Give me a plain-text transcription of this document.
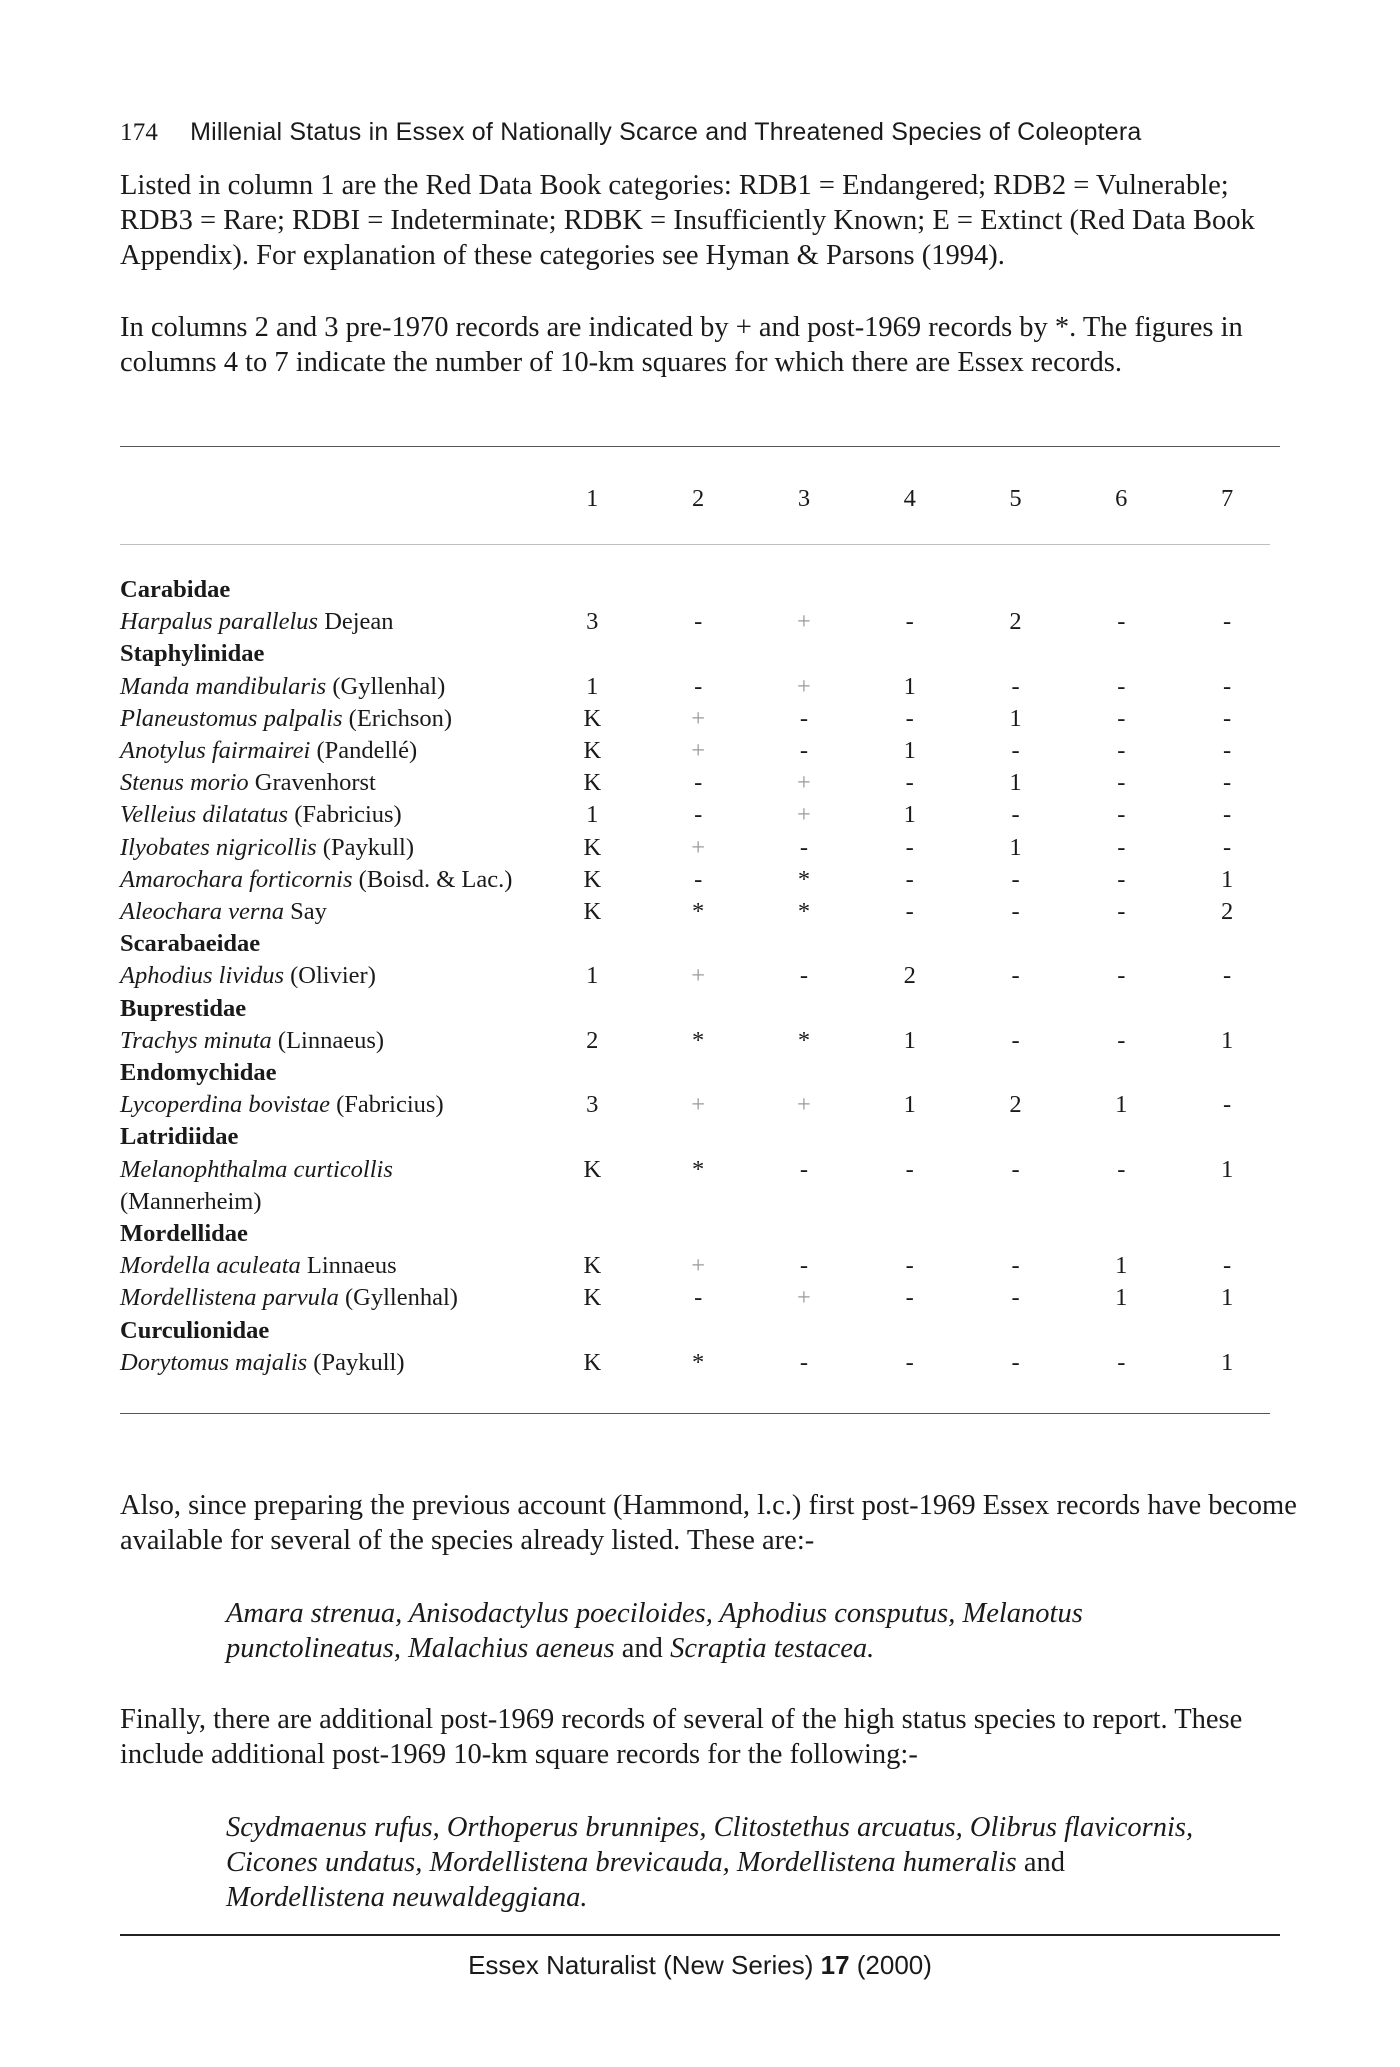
174 Millenial Status in Essex of Nationally Scarce and Threatened Species of Coleoptera
Listed in column 1 are the Red Data Book categories: RDB1 = Endangered; RDB2 = Vulnerable; RDB3 = Rare; RDBI = Indeterminate; RDBK = Insufficiently Known; E = Extinct (Red Data Book Appendix). For explanation of these categories see Hyman & Parsons (1994).
In columns 2 and 3 pre-1970 records are indicated by + and post-1969 records by *. The figures in columns 4 to 7 indicate the number of 10-km squares for which there are Essex records.
	1	2	3	4	5	6	7

Carabidae							
Harpalus parallelus Dejean	3	-	+	-	2	-	-
Staphylinidae							
Manda mandibularis (Gyllenhal)	1	-	+	1	-	-	-
Planeustomus palpalis (Erichson)	K	+	-	-	1	-	-
Anotylus fairmairei (Pandellé)	K	+	-	1	-	-	-
Stenus morio Gravenhorst	K	-	+	-	1	-	-
Velleius dilatatus (Fabricius)	1	-	+	1	-	-	-
Ilyobates nigricollis (Paykull)	K	+	-	-	1	-	-
Amarochara forticornis (Boisd. & Lac.)	K	-	*	-	-	-	1
Aleochara verna Say	K	*	*	-	-	-	2
Scarabaeidae							
Aphodius lividus (Olivier)	1	+	-	2	-	-	-
Buprestidae							
Trachys minuta (Linnaeus)	2	*	*	1	-	-	1
Endomychidae							
Lycoperdina bovistae (Fabricius)	3	+	+	1	2	1	-
Latridiidae							
Melanophthalma curticollis	K	*	-	-	-	-	1
(Mannerheim)							
Mordellidae							
Mordella aculeata Linnaeus	K	+	-	-	-	1	-
Mordellistena parvula (Gyllenhal)	K	-	+	-	-	1	1
Curculionidae							
Dorytomus majalis (Paykull)	K	*	-	-	-	-	1
Also, since preparing the previous account (Hammond, l.c.) first post-1969 Essex records have become available for several of the species already listed. These are:-
Amara strenua, Anisodactylus poeciloides, Aphodius consputus, Melanotus punctolineatus, Malachius aeneus and Scraptia testacea.
Finally, there are additional post-1969 records of several of the high status species to report. These include additional post-1969 10-km square records for the following:-
Scydmaenus rufus, Orthoperus brunnipes, Clitostethus arcuatus, Olibrus flavicornis, Cicones undatus, Mordellistena brevicauda, Mordellistena humeralis and Mordellistena neuwaldeggiana.
Essex Naturalist (New Series) 17 (2000)
